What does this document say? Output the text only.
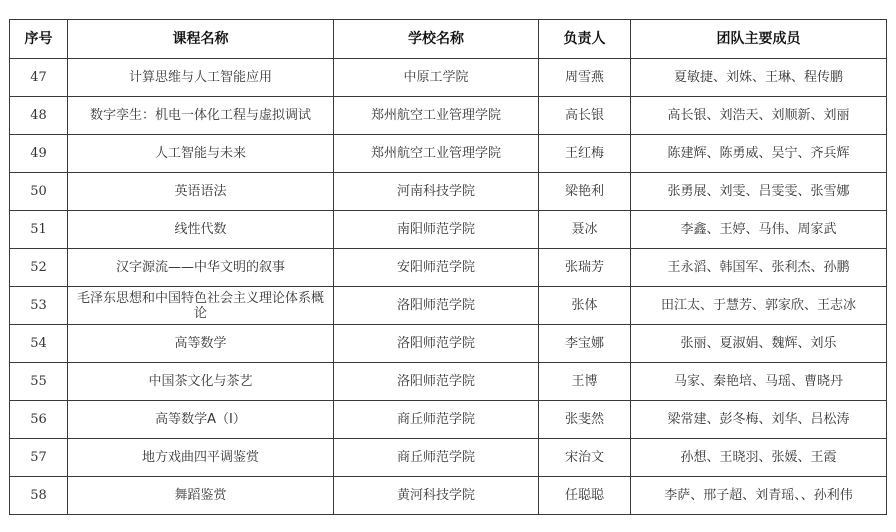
序号	课程名称	学校名称	负责人	团队主要成员
47	计算思维与人工智能应用	中原工学院	周雪燕	夏敏捷、刘姝、王琳、程传鹏
48	数字孪生：机电一体化工程与虚拟调试	郑州航空工业管理学院	高长银	高长银、刘浩天、刘顺新、刘丽
49	人工智能与未来	郑州航空工业管理学院	王红梅	陈建辉、陈勇威、吴宁、齐兵辉
50	英语语法	河南科技学院	梁艳利	张勇展、刘雯、吕雯雯、张雪娜
51	线性代数	南阳师范学院	聂冰	李鑫、王婷、马伟、周家武
52	汉字源流——中华文明的叙事	安阳师范学院	张瑞芳	王永滔、韩国军、张利杰、孙鹏
53	毛泽东思想和中国特色社会主义理论体系概论	洛阳师范学院	张体	田江太、于慧芳、郭家欣、王志冰
54	高等数学	洛阳师范学院	李宝娜	张丽、夏淑娟、魏辉、刘乐
55	中国茶文化与茶艺	洛阳师范学院	王博	马家、秦艳培、马瑶、曹晓丹
56	高等数学A（I）	商丘师范学院	张斐然	梁常建、彭冬梅、刘华、吕松涛
57	地方戏曲四平调鉴赏	商丘师范学院	宋治文	孙想、王晓羽、张媛、王霞
58	舞蹈鉴赏	黄河科技学院	任聪聪	李萨、邢子超、刘青瑶、、孙利伟
